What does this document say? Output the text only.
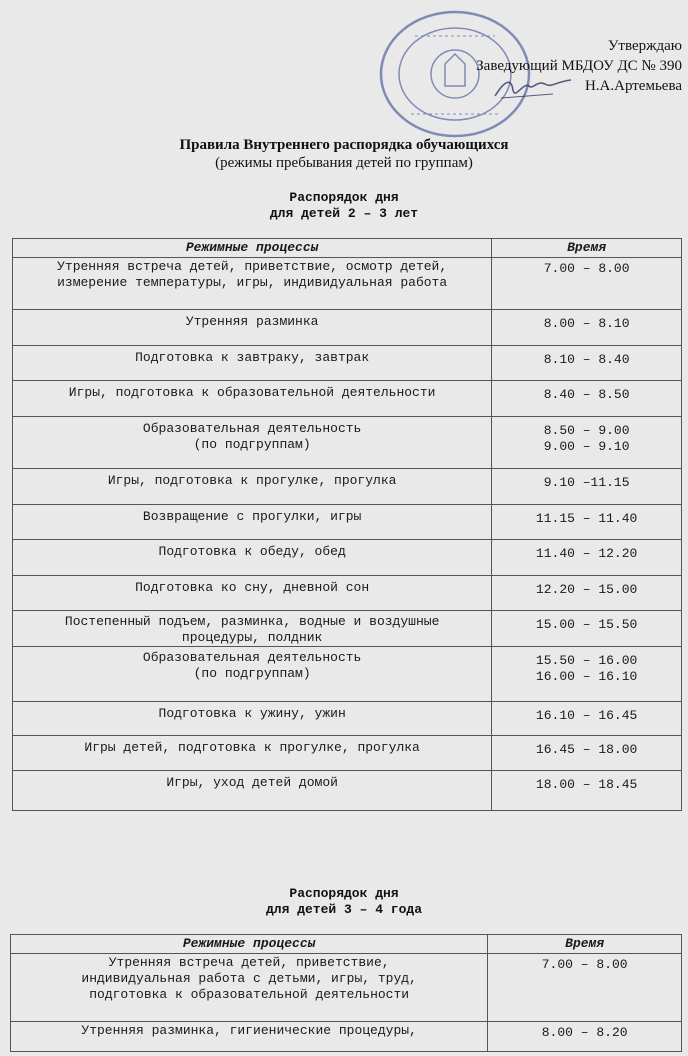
Утверждаю
Заведующий МБДОУ ДС № 390
Н.А.Артемьева
Правила Внутреннего распорядка обучающихся
(режимы пребывания детей по группам)
Распорядок дня
для детей 2 – 3 лет
Режимные процессы	Время

Утренняя встреча детей, приветствие, осмотр детей,
измерение температуры, игры, индивидуальная работа	7.00 – 8.00

Утренняя разминка	8.00 – 8.10

Подготовка к завтраку, завтрак	8.10 – 8.40

Игры, подготовка к образовательной деятельности	8.40 – 8.50

Образовательная деятельность
(по подгруппам)	8.50 – 9.00
9.00 – 9.10

Игры, подготовка к прогулке, прогулка	9.10 –11.15

Возвращение с прогулки, игры	11.15 – 11.40

Подготовка к обеду, обед	11.40 – 12.20

Подготовка ко сну, дневной сон	12.20 – 15.00

Постепенный подъем, разминка, водные и воздушные
процедуры, полдник	15.00 – 15.50

Образовательная деятельность
(по подгруппам)	15.50 – 16.00
16.00 – 16.10

Подготовка к ужину, ужин	16.10 – 16.45

Игры детей, подготовка к прогулке, прогулка	16.45 – 18.00

Игры, уход детей домой	18.00 – 18.45
Распорядок дня
для детей 3 – 4 года
Режимные процессы	Время

Утренняя встреча детей, приветствие,
индивидуальная работа с детьми, игры, труд,
подготовка к образовательной деятельности	7.00 – 8.00

Утренняя разминка, гигиенические процедуры,	8.00 – 8.20
